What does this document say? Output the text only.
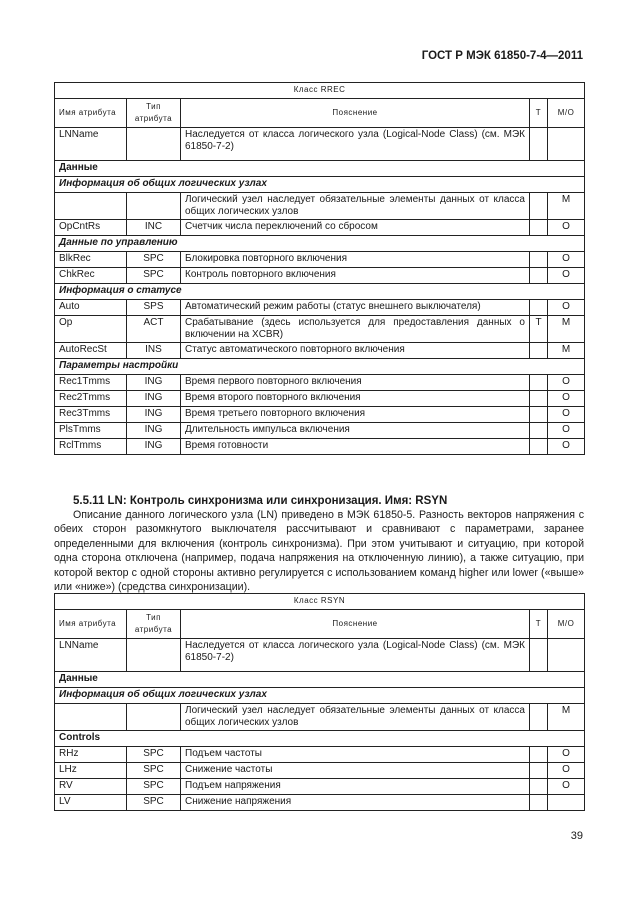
ГОСТ Р МЭК 61850-7-4—2011
Класс RREC				
Имя атрибута	Тип атрибута	Пояснение	T	M/O
LNName		Наследуется от класса логического узла (Logical-Node Class) (см. МЭК 61850-7-2)		
Данные				
Информация об общих логических узлах				
		Логический узел наследует обязательные элементы данных от класса общих логических узлов		M
OpCntRs	INC	Счетчик числа переключений со сбросом		O
Данные по управлению				
BlkRec	SPC	Блокировка повторного включения		O
ChkRec	SPC	Контроль повторного включения		O
Информация о статусе				
Auto	SPS	Автоматический режим работы (статус внешнего выключателя)		O
Op	ACT	Срабатывание (здесь используется для предоставления данных о включении на XCBR)	T	M
AutoRecSt	INS	Статус автоматического повторного включения		M
Параметры настройки				
Rec1Tmms	ING	Время первого повторного включения		O
Rec2Tmms	ING	Время второго повторного включения		O
Rec3Tmms	ING	Время третьего повторного включения		O
PlsTmms	ING	Длительность импульса включения		O
RclTmms	ING	Время готовности		O
5.5.11 LN: Контроль синхронизма или синхронизация. Имя: RSYN
Описание данного логического узла (LN) приведено в МЭК 61850-5. Разность векторов напряжения с обеих сторон разомкнутого выключателя рассчитывают и сравнивают с параметрами, заранее определенными для включения (контроль синхронизма). При этом учитывают и ситуацию, при которой одна сторона отключена (например, подача напряжения на отключенную линию), а также ситуацию, при которой вектор с одной стороны активно регулируется с использованием команд higher или lower («выше» или «ниже») (средства синхронизации).
Класс RSYN				
Имя атрибута	Тип атрибута	Пояснение	T	M/O
LNName		Наследуется от класса логического узла (Logical-Node Class) (см. МЭК 61850-7-2)		
Данные				
Информация об общих логических узлах				
		Логический узел наследует обязательные элементы данных от класса общих логических узлов		M
Controls				
RHz	SPC	Подъем частоты		O
LHz	SPC	Снижение частоты		O
RV	SPC	Подъем напряжения		O
LV	SPC	Снижение напряжения		
39
